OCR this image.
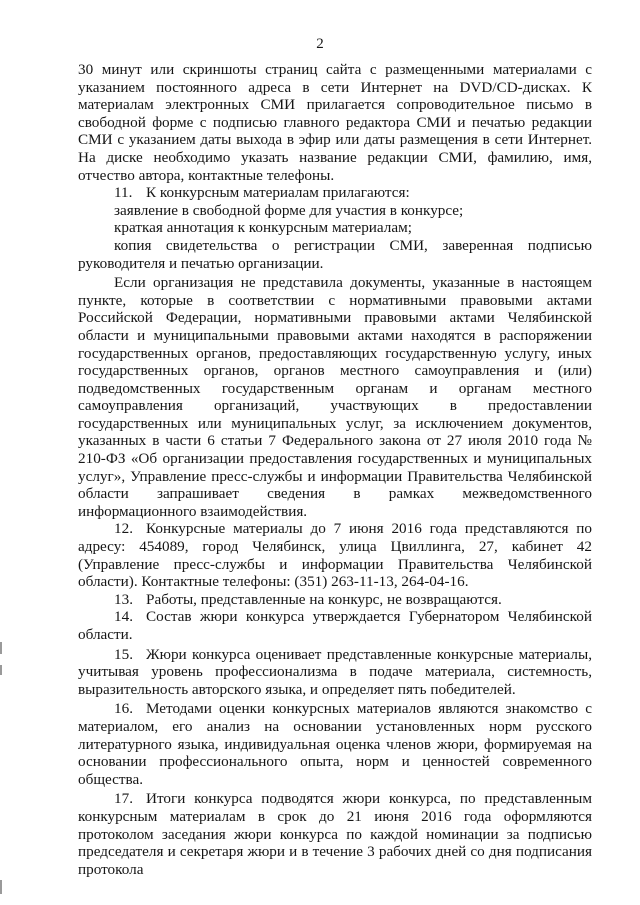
2

30 минут или скриншоты страниц сайта с размещенными материалами с указанием постоянного адреса в сети Интернет на DVD/CD-дисках. К материалам электронных СМИ прилагается сопроводительное письмо в свободной форме с подписью главного редактора СМИ и печатью редакции СМИ с указанием даты выхода в эфир или даты размещения в сети Интернет. На диске необходимо указать название редакции СМИ, фамилию, имя, отчество автора, контактные телефоны.

11. К конкурсным материалам прилагаются:

заявление в свободной форме для участия в конкурсе;

краткая аннотация к конкурсным материалам;

копия свидетельства о регистрации СМИ, заверенная подписью руководителя и печатью организации.

Если организация не представила документы, указанные в настоящем пункте, которые в соответствии с нормативными правовыми актами Российской Федерации, нормативными правовыми актами Челябинской области и муниципальными правовыми актами находятся в распоряжении государственных органов, предоставляющих государственную услугу, иных государственных органов, органов местного самоуправления и (или) подведомственных государственным органам и органам местного самоуправления организаций, участвующих в предоставлении государственных или муниципальных услуг, за исключением документов, указанных в части 6 статьи 7 Федерального закона от 27 июля 2010 года № 210-ФЗ «Об организации предоставления государственных и муниципальных услуг», Управление пресс-службы и информации Правительства Челябинской области запрашивает сведения в рамках межведомственного информационного взаимодействия.

12. Конкурсные материалы до 7 июня 2016 года представляются по адресу: 454089, город Челябинск, улица Цвиллинга, 27, кабинет 42 (Управление пресс-службы и информации Правительства Челябинской области). Контактные телефоны: (351) 263-11-13, 264-04-16.

13. Работы, представленные на конкурс, не возвращаются.

14. Состав жюри конкурса утверждается Губернатором Челябинской области.

15. Жюри конкурса оценивает представленные конкурсные материалы, учитывая уровень профессионализма в подаче материала, системность, выразительность авторского языка, и определяет пять победителей.

16. Методами оценки конкурсных материалов являются знакомство с материалом, его анализ на основании установленных норм русского литературного языка, индивидуальная оценка членов жюри, формируемая на основании профессионального опыта, норм и ценностей современного общества.

17. Итоги конкурса подводятся жюри конкурса, по представленным конкурсным материалам в срок до 21 июня 2016 года оформляются протоколом заседания жюри конкурса по каждой номинации за подписью председателя и секретаря жюри и в течение 3 рабочих дней со дня подписания протокола
